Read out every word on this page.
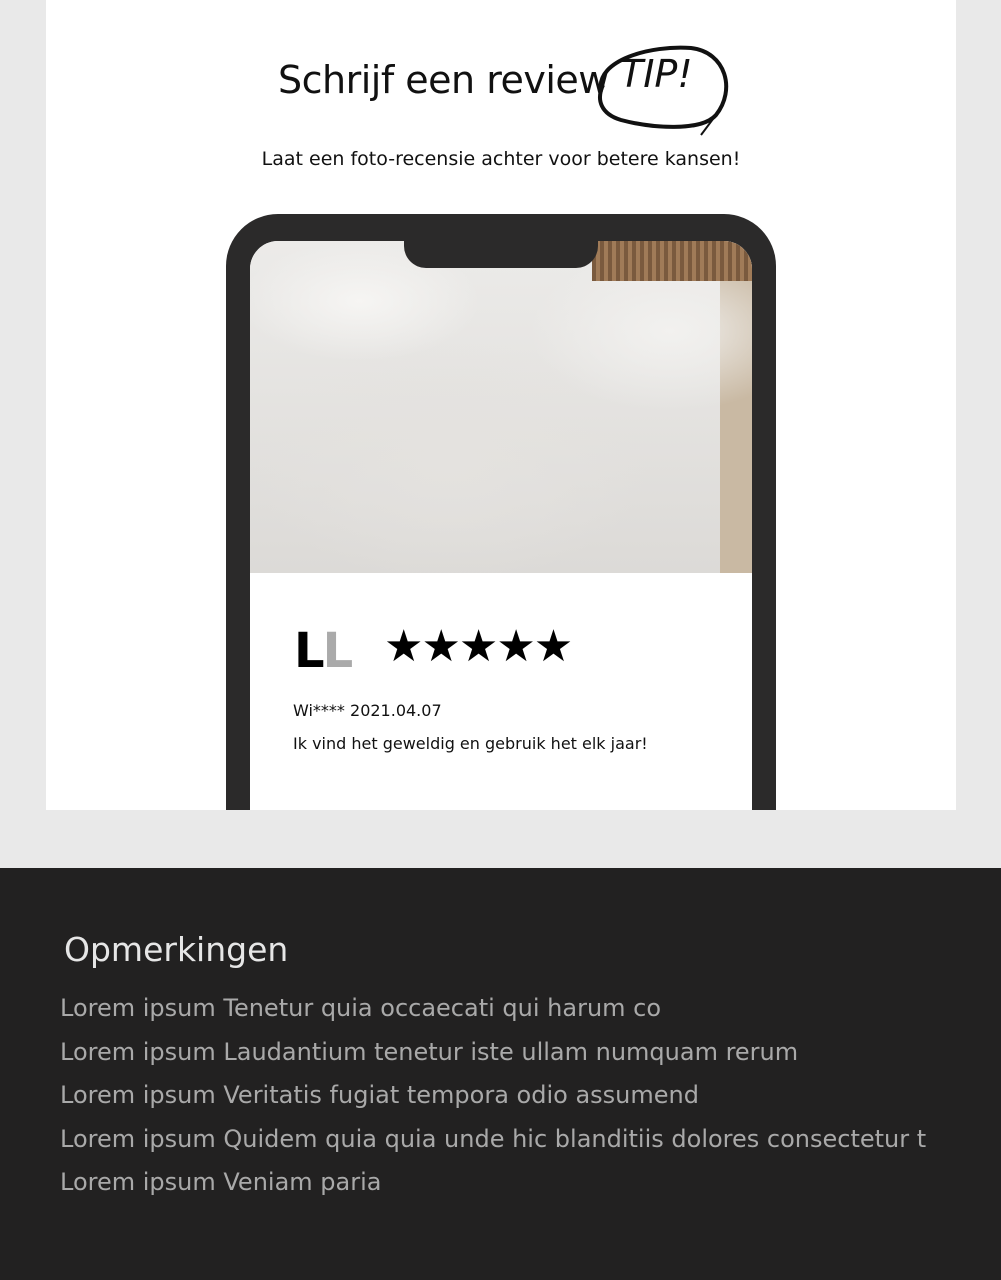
Schrijf een review TIP!
Laat een foto-recensie achter voor betere kansen!
LL ★★★★★
Wi**** 2021.04.07
Ik vind het geweldig en gebruik het elk jaar!
Opmerkingen
Lorem ipsum Tenetur quia occaecati qui harum co
Lorem ipsum Laudantium tenetur iste ullam numquam rerum
Lorem ipsum Veritatis fugiat tempora odio assumend
Lorem ipsum Quidem quia quia unde hic blanditiis dolores consectetur t
Lorem ipsum Veniam paria
